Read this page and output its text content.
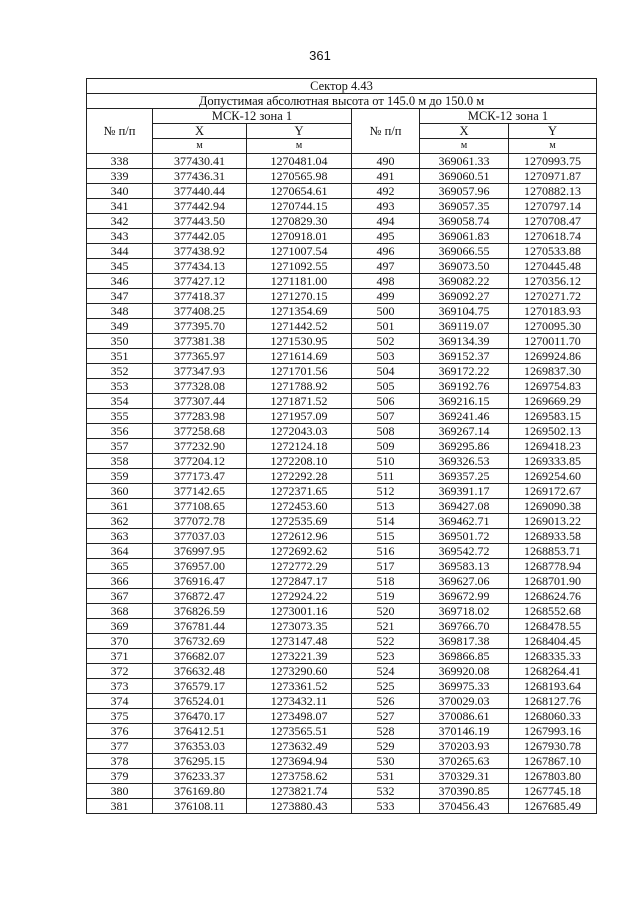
361
Сектор 4.43					
Допустимая абсолютная высота от 145.0 м до 150.0 м					
№ п/п	МСК-12 зона 1		№ п/п	МСК-12 зона 1	
	X	Y		X	Y
	м	м		м	м
338	377430.41	1270481.04	490	369061.33	1270993.75
339	377436.31	1270565.98	491	369060.51	1270971.87
340	377440.44	1270654.61	492	369057.96	1270882.13
341	377442.94	1270744.15	493	369057.35	1270797.14
342	377443.50	1270829.30	494	369058.74	1270708.47
343	377442.05	1270918.01	495	369061.83	1270618.74
344	377438.92	1271007.54	496	369066.55	1270533.88
345	377434.13	1271092.55	497	369073.50	1270445.48
346	377427.12	1271181.00	498	369082.22	1270356.12
347	377418.37	1271270.15	499	369092.27	1270271.72
348	377408.25	1271354.69	500	369104.75	1270183.93
349	377395.70	1271442.52	501	369119.07	1270095.30
350	377381.38	1271530.95	502	369134.39	1270011.70
351	377365.97	1271614.69	503	369152.37	1269924.86
352	377347.93	1271701.56	504	369172.22	1269837.30
353	377328.08	1271788.92	505	369192.76	1269754.83
354	377307.44	1271871.52	506	369216.15	1269669.29
355	377283.98	1271957.09	507	369241.46	1269583.15
356	377258.68	1272043.03	508	369267.14	1269502.13
357	377232.90	1272124.18	509	369295.86	1269418.23
358	377204.12	1272208.10	510	369326.53	1269333.85
359	377173.47	1272292.28	511	369357.25	1269254.60
360	377142.65	1272371.65	512	369391.17	1269172.67
361	377108.65	1272453.60	513	369427.08	1269090.38
362	377072.78	1272535.69	514	369462.71	1269013.22
363	377037.03	1272612.96	515	369501.72	1268933.58
364	376997.95	1272692.62	516	369542.72	1268853.71
365	376957.00	1272772.29	517	369583.13	1268778.94
366	376916.47	1272847.17	518	369627.06	1268701.90
367	376872.47	1272924.22	519	369672.99	1268624.76
368	376826.59	1273001.16	520	369718.02	1268552.68
369	376781.44	1273073.35	521	369766.70	1268478.55
370	376732.69	1273147.48	522	369817.38	1268404.45
371	376682.07	1273221.39	523	369866.85	1268335.33
372	376632.48	1273290.60	524	369920.08	1268264.41
373	376579.17	1273361.52	525	369975.33	1268193.64
374	376524.01	1273432.11	526	370029.03	1268127.76
375	376470.17	1273498.07	527	370086.61	1268060.33
376	376412.51	1273565.51	528	370146.19	1267993.16
377	376353.03	1273632.49	529	370203.93	1267930.78
378	376295.15	1273694.94	530	370265.63	1267867.10
379	376233.37	1273758.62	531	370329.31	1267803.80
380	376169.80	1273821.74	532	370390.85	1267745.18
381	376108.11	1273880.43	533	370456.43	1267685.49
